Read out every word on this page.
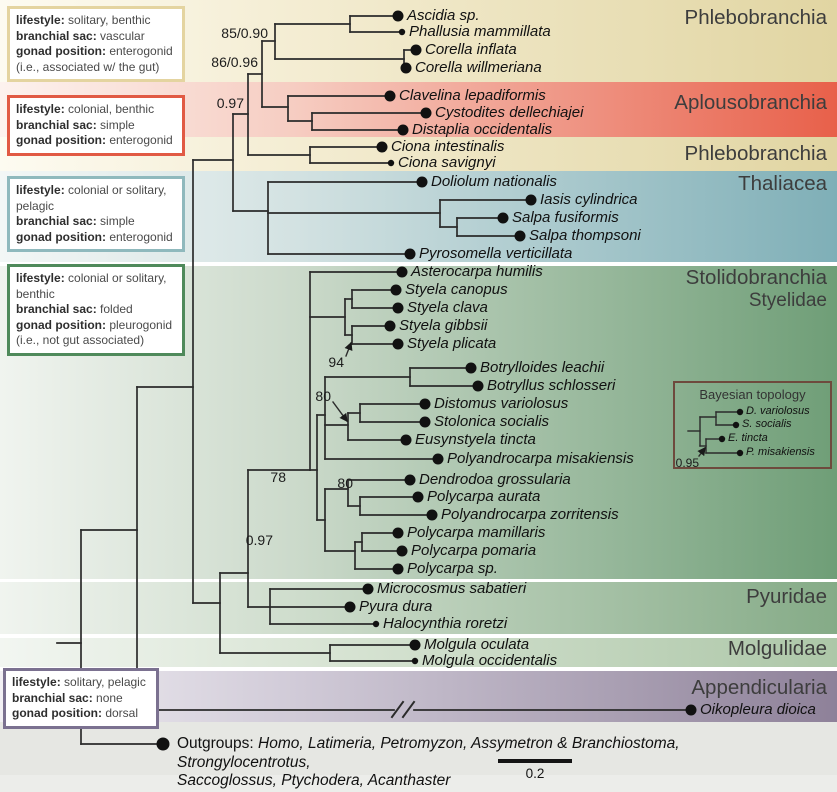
85/0.90
86/0.96
0.97
94
80
78	80
0.97
0.95
Ascidia sp.
Phallusia mammillata
Corella inflata
Corella willmeriana
Clavelina lepadiformis
Cystodites dellechiajei
Distaplia occidentalis
Ciona intestinalis
Ciona savignyi
Doliolum nationalis
Iasis cylindrica
Salpa fusiformis
Salpa thompsoni
Pyrosomella verticillata
Asterocarpa humilis
Styela canopus
Styela clava
Styela gibbsii
Styela plicata
Botrylloides leachii
Botryllus schlosseri
Distomus variolosus
Stolonica socialis
Eusynstyela tincta
Polyandrocarpa misakiensis
Dendrodoa grossularia
Polycarpa aurata
Polyandrocarpa zorritensis
Polycarpa mamillaris
Polycarpa pomaria
Polycarpa sp.
Microcosmus sabatieri
Pyura dura
Halocynthia roretzi
Molgula oculata
Molgula occidentalis
Oikopleura dioica
Phlebobranchia
Aplousobranchia
Phlebobranchia
Thaliacea
Stolidobranchia
Styelidae
Pyuridae
Molgulidae
Appendicularia
lifestyle: solitary, benthic
branchial sac: vascular
gonad position: enterogonid
(i.e., associated w/ the gut)
lifestyle: colonial, benthic
branchial sac: simple
gonad position: enterogonid
lifestyle: colonial or solitary,
pelagic
branchial sac: simple
gonad position: enterogonid
lifestyle: colonial or solitary,
benthic
branchial sac: folded
gonad position: pleurogonid
(i.e., not gut associated)
lifestyle: solitary, pelagic
branchial sac: none
gonad position: dorsal
Bayesian topology
D. variolosus
S. socialis
E. tincta
P. misakiensis
Outgroups: Homo, Latimeria, Petromyzon, Assymetron & Branchiostoma, Strongylocentrotus,
Saccoglossus, Ptychodera, Acanthaster	0.2
